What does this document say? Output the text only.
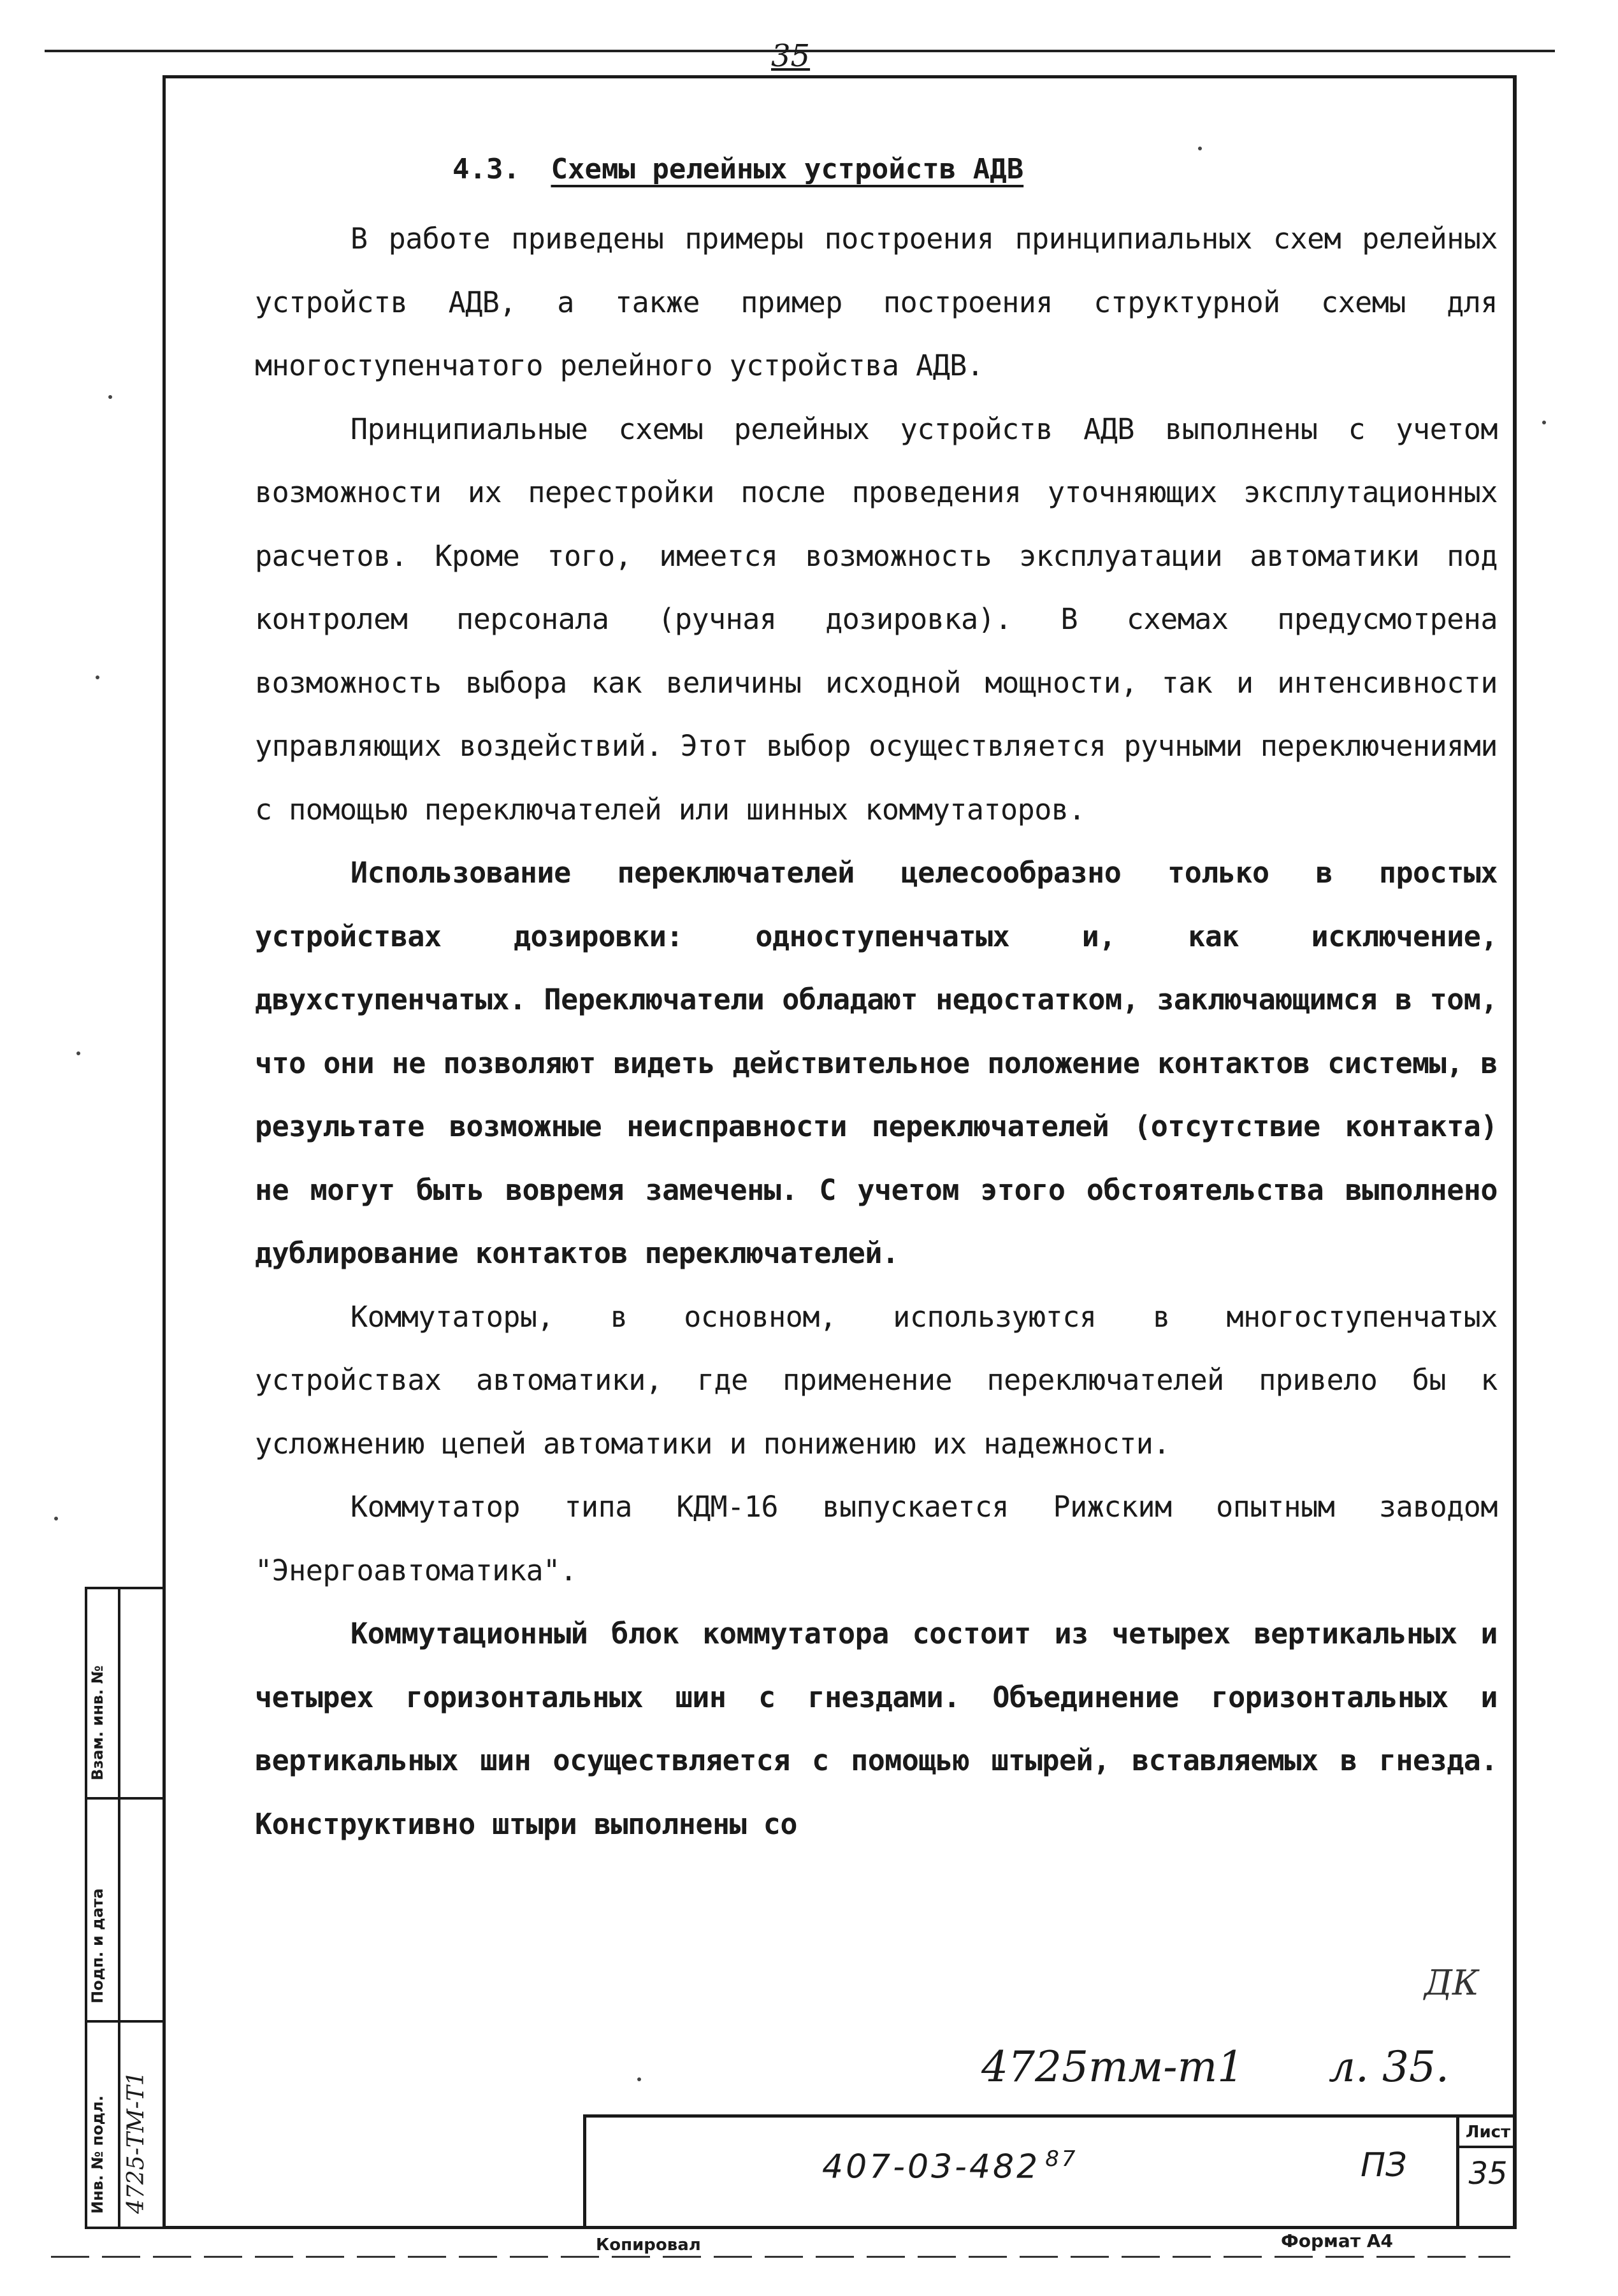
35
4.3. Схемы релейных устройств АДВ

В работе приведены примеры построения принципиальных схем релейных устройств АДВ, а также пример построения структурной схемы для многоступенчатого релейного устройства АДВ.

Принципиальные схемы релейных устройств АДВ выполнены с учетом возможности их перестройки после проведения уточняющих эксплутационных расчетов. Кроме того, имеется возможность эксплуатации автоматики под контролем персонала (ручная дозировка). В схемах предусмотрена возможность выбора как величины исходной мощности, так и интенсивности управляющих воздействий. Этот выбор осуществляется ручными переключениями с помощью переключателей или шинных коммутаторов.

Использование переключателей целесообразно только в простых устройствах дозировки: одноступенчатых и, как исключение, двухступенчатых. Переключатели обладают недостатком, заключающимся в том, что они не позволяют видеть действительное положение контактов системы, в результате возможные неисправности переключателей (отсутствие контакта) не могут быть вовремя замечены. С учетом этого обстоятельства выполнено дублирование контактов переключателей.

Коммутаторы, в основном, используются в многоступенчатых устройствах автоматики, где применение переключателей привело бы к усложнению цепей автоматики и понижению их надежности.

Коммутатор типа КДМ-16 выпускается Рижским опытным заводом "Энергоавтоматика".

Коммутационный блок коммутатора состоит из четырех вертикальных и четырех горизонтальных шин с гнездами. Объединение горизонтальных и вертикальных шин осуществляется с помощью штырей, вставляемых в гнезда. Конструктивно штыри выполнены со

ДК
4725тм-т1 л. 35.
407-03-482 $^{87}$	ПЗ
Лист
35
Взам. инв. №
Подп. и дата
Инв. № подл. 4725-ТМ-Т1
Копировал	Формат А4
